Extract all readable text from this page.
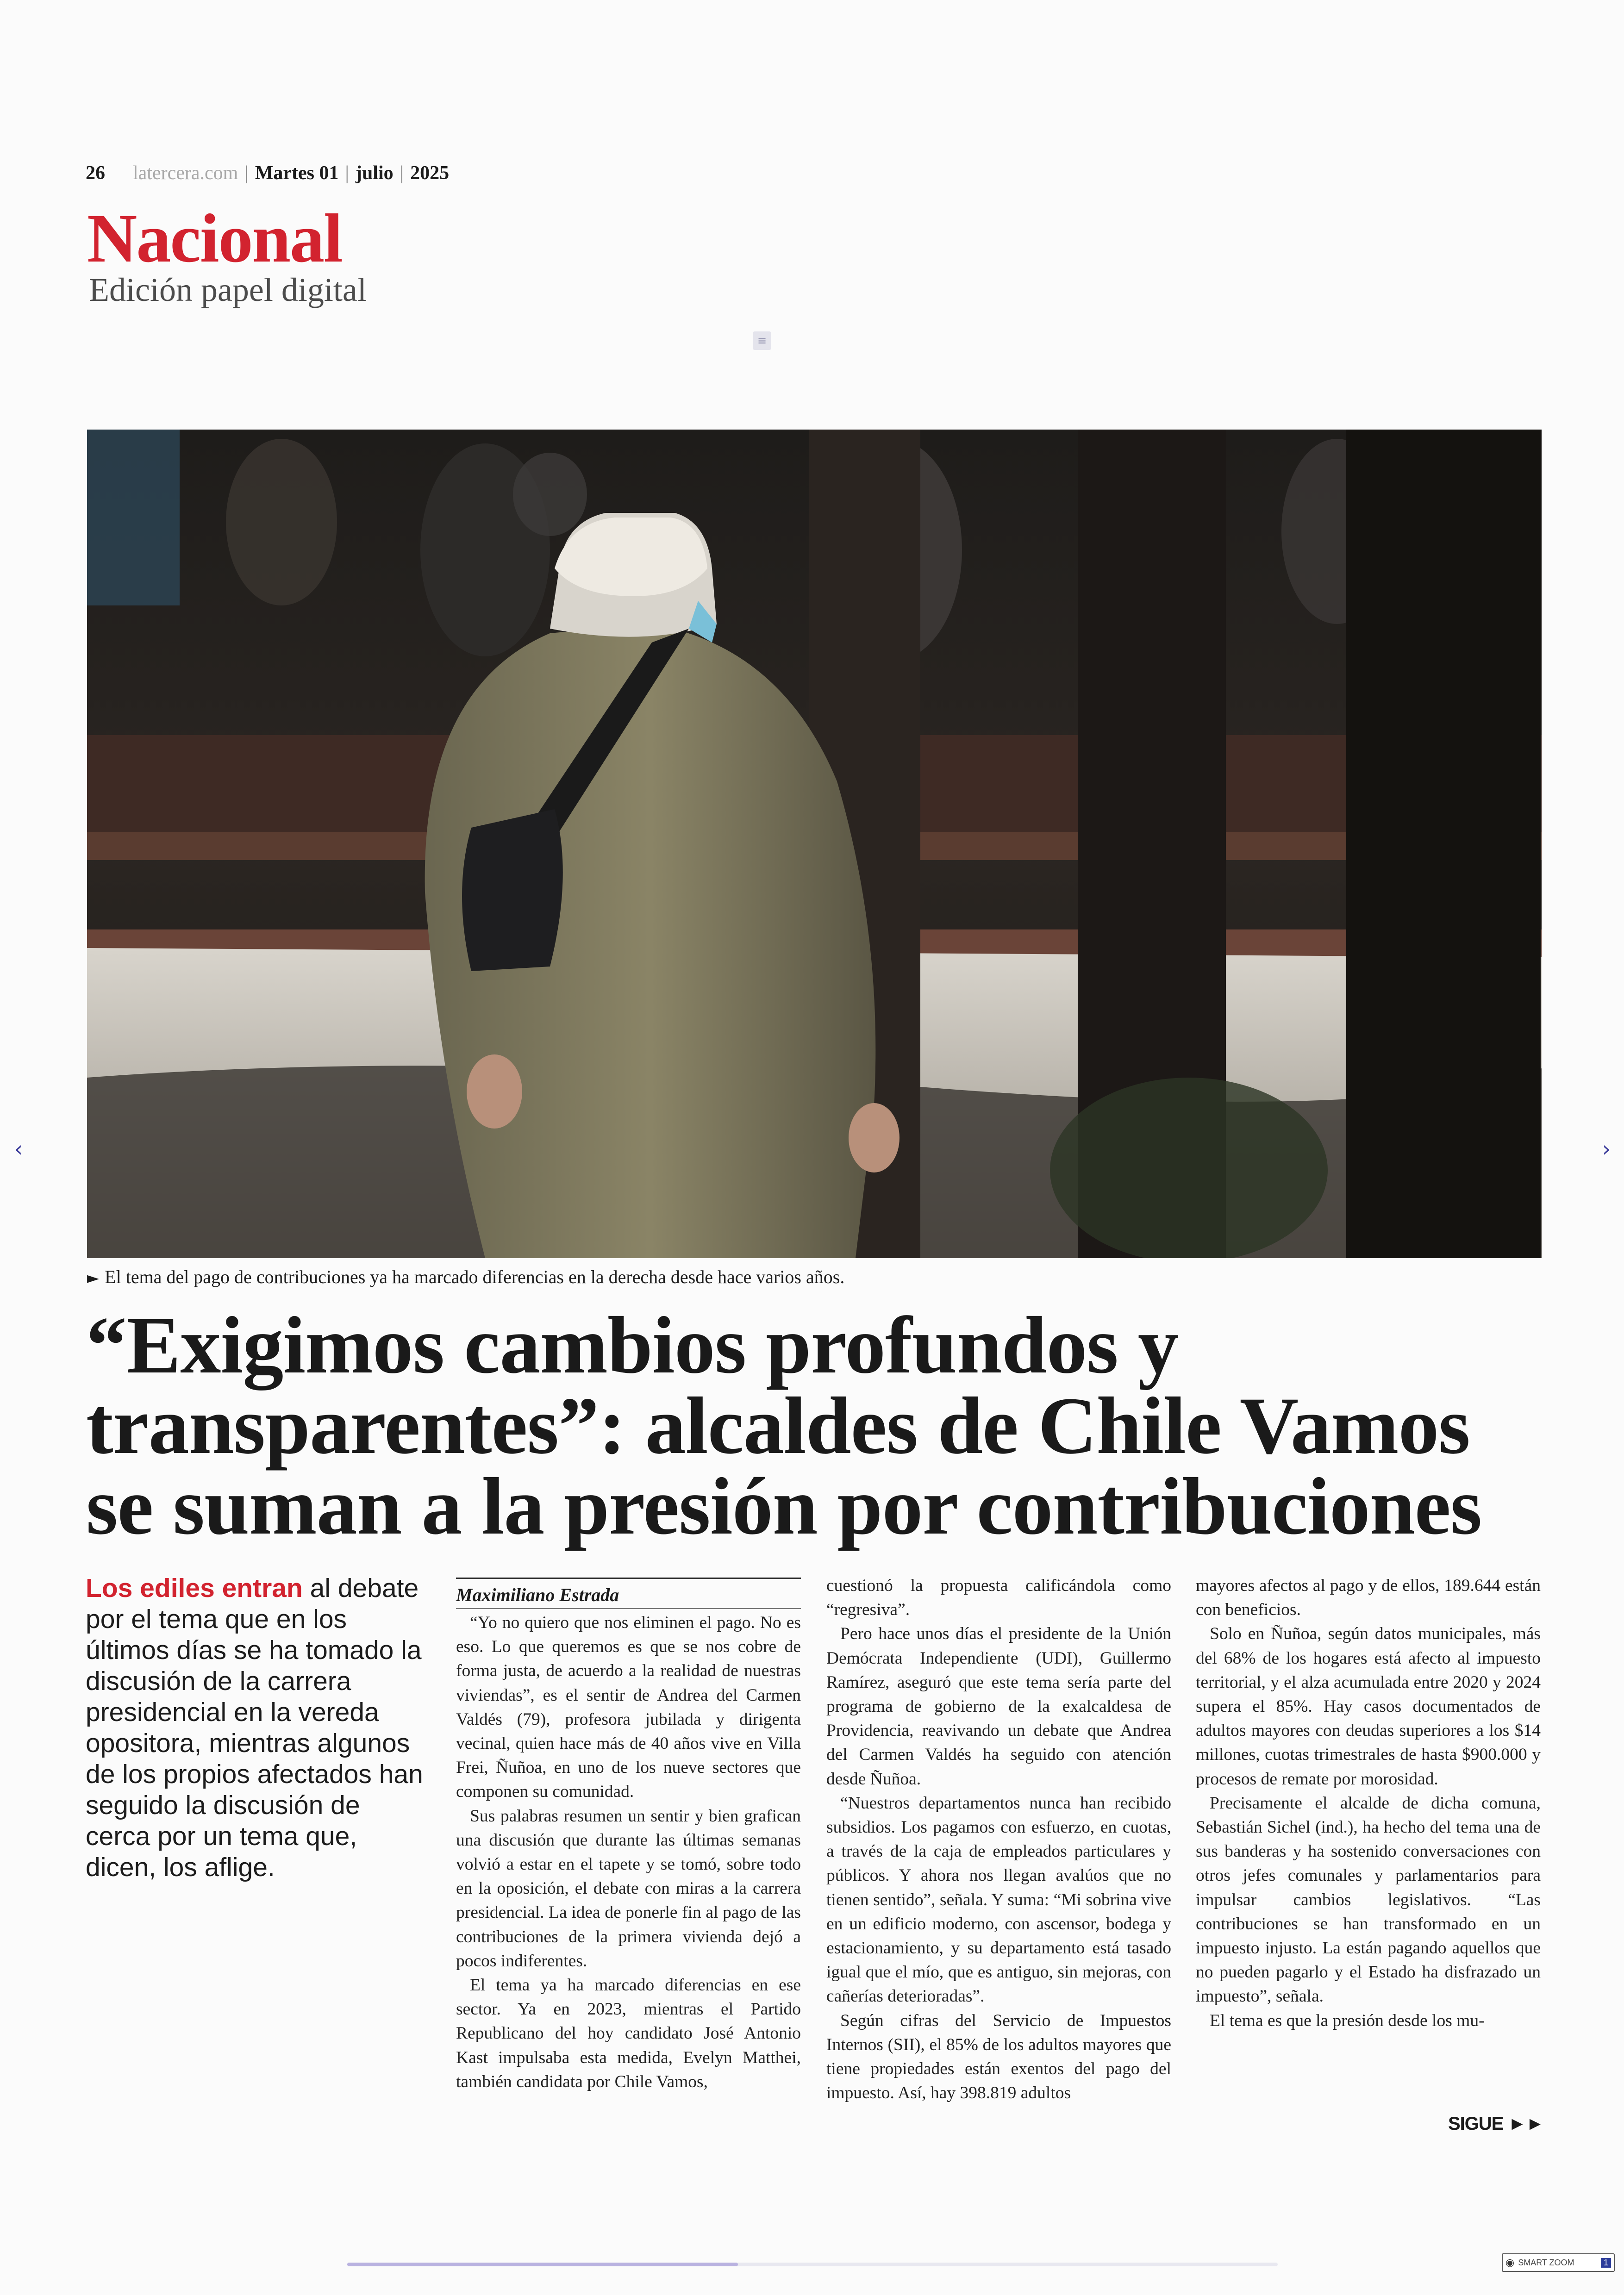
26 latercera.com | Martes 01 | julio | 2025
Nacional
Edición papel digital
≡
► El tema del pago de contribuciones ya ha marcado diferencias en la derecha desde hace varios años.
“Exigimos cambios profundos y
transparentes”: alcaldes de Chile Vamos
se suman a la presión por contribuciones
Los ediles entran al debate por el tema que en los últimos días se ha tomado la discusión de la carrera presidencial en la vereda opositora, mientras algunos de los propios afectados han seguido la discusión de cerca por un tema que, dicen, los aflige.
Maximiliano Estrada

“Yo no quiero que nos eliminen el pago. No es eso. Lo que queremos es que se nos cobre de forma justa, de acuerdo a la realidad de nuestras viviendas”, es el sentir de Andrea del Carmen Valdés (79), profesora jubilada y dirigenta vecinal, quien hace más de 40 años vive en Villa Frei, Ñuñoa, en uno de los nueve sectores que componen su comunidad.

Sus palabras resumen un sentir y bien grafican una discusión que durante las últimas semanas volvió a estar en el tapete y se tomó, sobre todo en la oposición, el debate con miras a la carrera presidencial. La idea de ponerle fin al pago de las contribuciones de la primera vivienda dejó a pocos indiferentes.

El tema ya ha marcado diferencias en ese sector. Ya en 2023, mientras el Partido Republicano del hoy candidato José Antonio Kast impulsaba esta medida, Evelyn Matthei, también candidata por Chile Vamos,

cuestionó la propuesta calificándola como “regresiva”.

Pero hace unos días el presidente de la Unión Demócrata Independiente (UDI), Guillermo Ramírez, aseguró que este tema sería parte del programa de gobierno de la exalcaldesa de Providencia, reavivando un debate que Andrea del Carmen Valdés ha seguido con atención desde Ñuñoa.

“Nuestros departamentos nunca han recibido subsidios. Los pagamos con esfuerzo, en cuotas, a través de la caja de empleados particulares y públicos. Y ahora nos llegan avalúos que no tienen sentido”, señala. Y suma: “Mi sobrina vive en un edificio moderno, con ascensor, bodega y estacionamiento, y su departamento está tasado igual que el mío, que es antiguo, sin mejoras, con cañerías deterioradas”.

Según cifras del Servicio de Impuestos Internos (SII), el 85% de los adultos mayores que tiene propiedades están exentos del pago del impuesto. Así, hay 398.819 adultos

mayores afectos al pago y de ellos, 189.644 están con beneficios.

Solo en Ñuñoa, según datos municipales, más del 68% de los hogares está afecto al impuesto territorial, y el alza acumulada entre 2020 y 2024 supera el 85%. Hay casos documentados de adultos mayores con deudas superiores a los $14 millones, cuotas trimestrales de hasta $900.000 y procesos de remate por morosidad.

Precisamente el alcalde de dicha comuna, Sebastián Sichel (ind.), ha hecho del tema una de sus banderas y ha sostenido conversaciones con otros jefes comunales y parlamentarios para impulsar cambios legislativos. “Las contribuciones se han transformado en un impuesto injusto. La están pagando aquellos que no pueden pagarlo y el Estado ha disfrazado un impuesto”, señala.

El tema es que la presión desde los mu-

SIGUE ►►
‹	›
◉ SMART ZOOM	1
